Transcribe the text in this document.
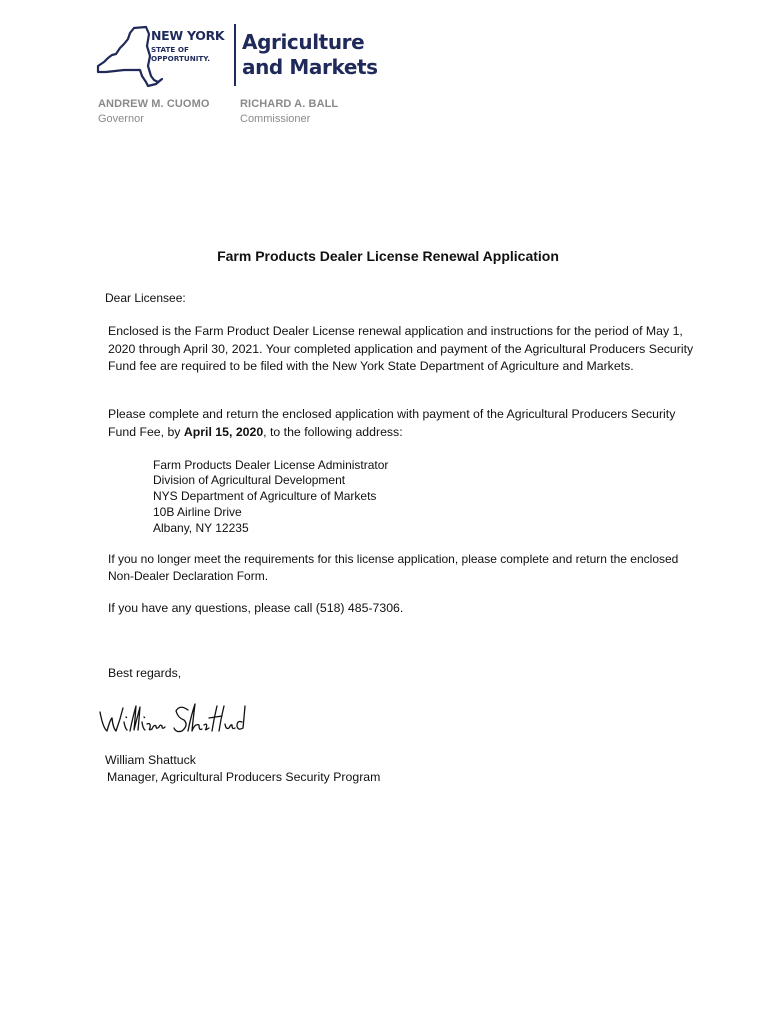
NEW YORK
STATE OF
OPPORTUNITY.
Agriculture
and Markets
ANDREW M. CUOMO
Governor
RICHARD A. BALL
Commissioner
Farm Products Dealer License Renewal Application
Dear Licensee:
Enclosed is the Farm Product Dealer License renewal application and instructions for the period of May 1, 2020 through April 30, 2021. Your completed application and payment of the Agricultural Producers Security Fund fee are required to be filed with the New York State Department of Agriculture and Markets.
Please complete and return the enclosed application with payment of the Agricultural Producers Security Fund Fee, by April 15, 2020, to the following address:
Farm Products Dealer License Administrator
Division of Agricultural Development
NYS Department of Agriculture of Markets
10B Airline Drive
Albany, NY 12235
If you no longer meet the requirements for this license application, please complete and return the enclosed Non-Dealer Declaration Form.
If you have any questions, please call (518) 485-7306.
Best regards,
William Shattuck
Manager, Agricultural Producers Security Program
